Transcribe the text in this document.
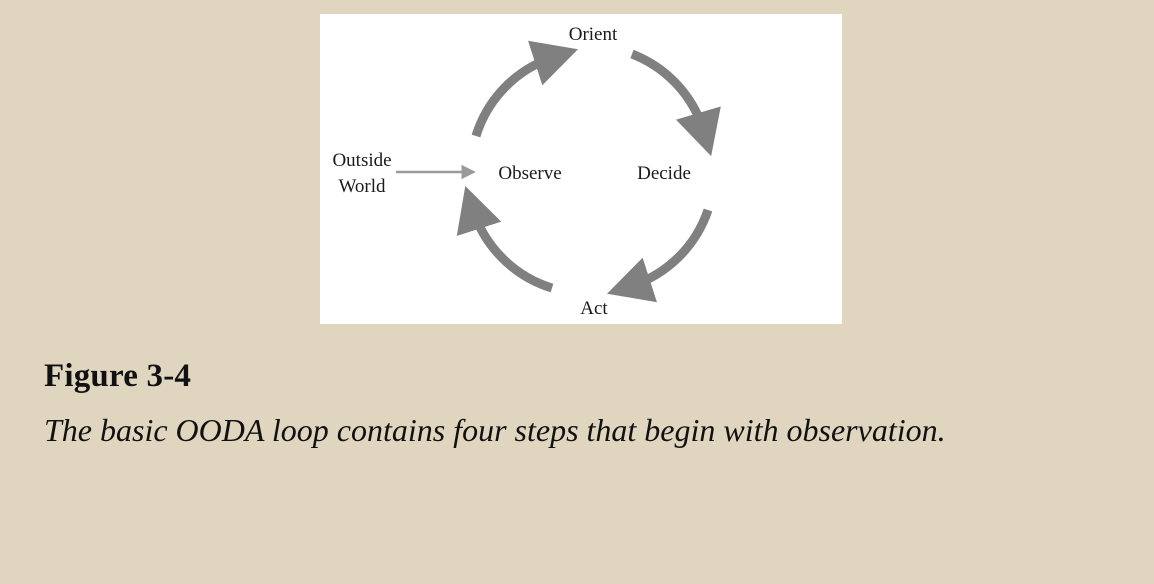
Outside
World
Observe
Orient
Decide
Act
Figure 3-4
The basic OODA loop contains four steps that begin with observation.
